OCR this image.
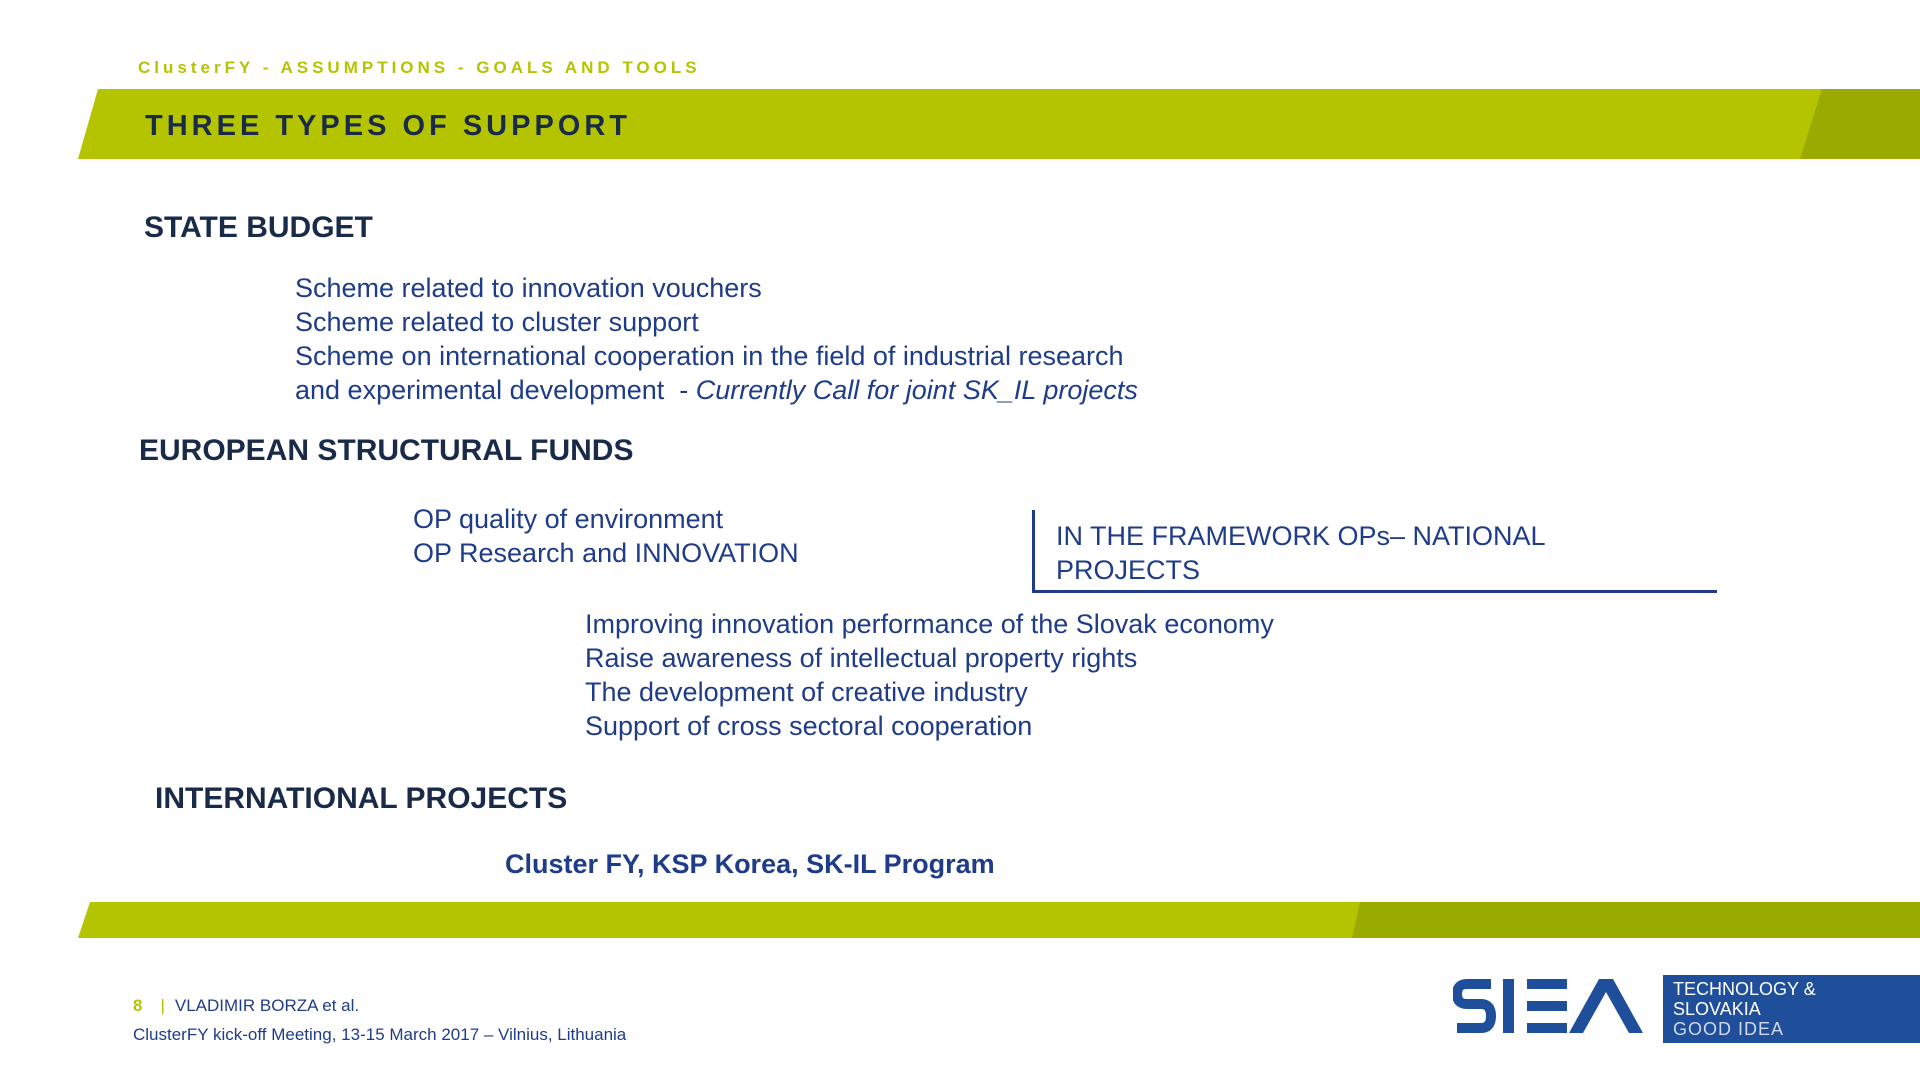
ClusterFY - ASSUMPTIONS - GOALS AND TOOLS
THREE TYPES OF SUPPORT
STATE BUDGET
Scheme related to innovation vouchers
Scheme related to cluster support
Scheme on international cooperation in the field of industrial research
and experimental development  - Currently Call for joint SK_IL projects
EUROPEAN STRUCTURAL FUNDS
OP quality of environment
OP Research and INNOVATION
IN THE FRAMEWORK OPs– NATIONAL PROJECTS
Improving innovation performance of the Slovak economy
Raise awareness of intellectual property rights
The development of creative industry
Support of cross sectoral cooperation
INTERNATIONAL PROJECTS
Cluster FY, KSP Korea, SK-IL Program
8 | VLADIMIR BORZA et al.
ClusterFY kick-off Meeting, 13-15 March 2017 – Vilnius, Lithuania
TECHNOLOGY &
SLOVAKIA
GOOD IDEA
